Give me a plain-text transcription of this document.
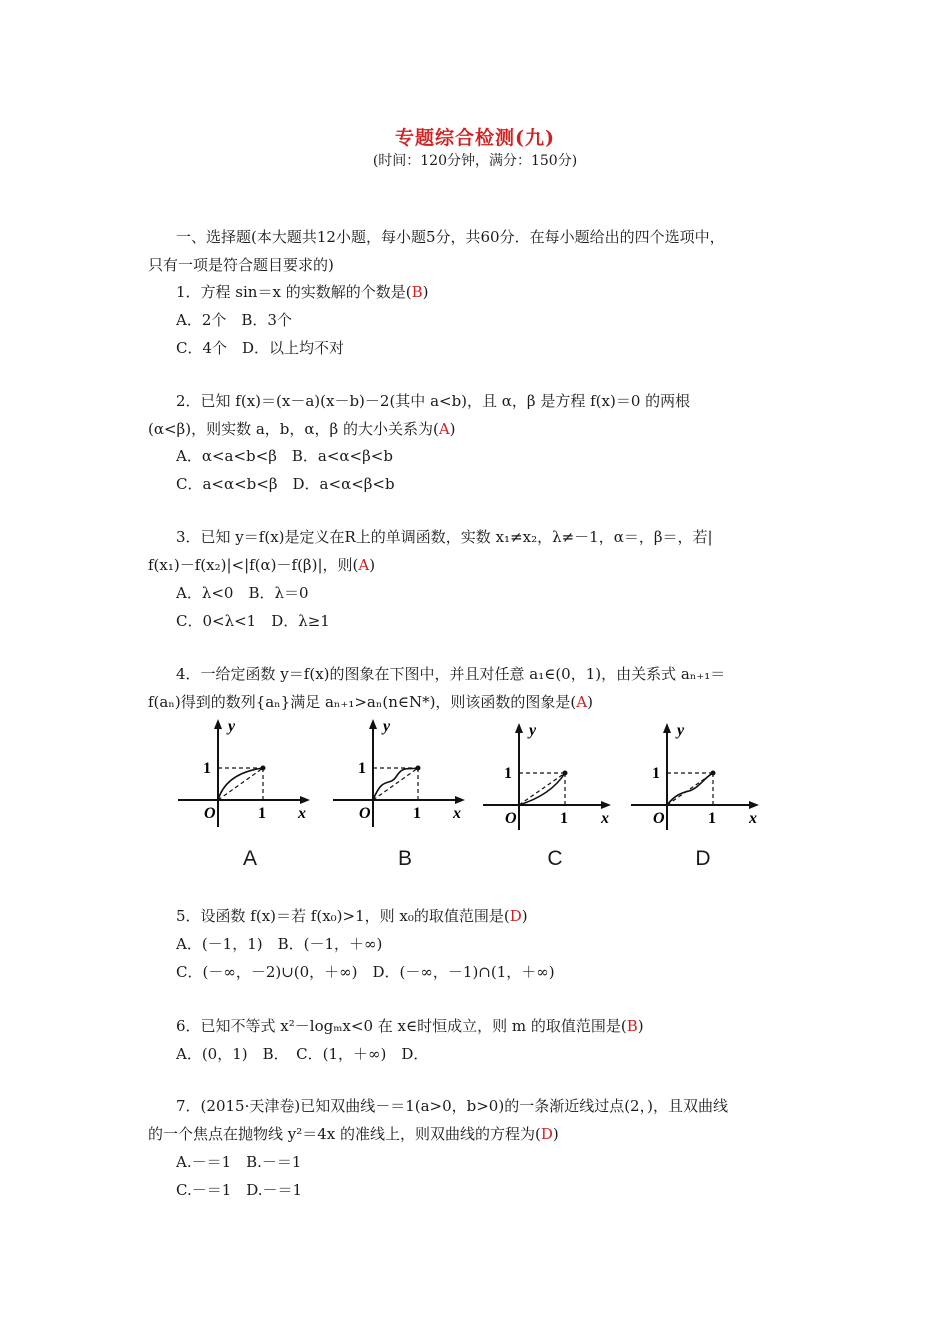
专题综合检测(九)
(时间：120分钟，满分：150分)
一、选择题(本大题共12小题，每小题5分，共60分．在每小题给出的四个选项中，
只有一项是符合题目要求的)
1．方程 sin＝x 的实数解的个数是(B)
A．2个　B．3个
C．4个　D．以上均不对
2．已知 f(x)＝(x－a)(x－b)－2(其中 a<b)，且 α，β 是方程 f(x)＝0 的两根
(α<β)，则实数 a，b，α，β 的大小关系为(A)
A．α<a<b<β　B．a<α<β<b
C．a<α<b<β　D．a<α<β<b
3．已知 y＝f(x)是定义在R上的单调函数，实数 x₁≠x₂，λ≠－1，α＝，β＝，若|
f(x₁)－f(x₂)|<|f(α)－f(β)|，则(A)
A．λ<0　B．λ＝0
C．0<λ<1　D．λ≥1
4．一给定函数 y＝f(x)的图象在下图中，并且对任意 a₁∈(0，1)，由关系式 aₙ₊₁＝
f(aₙ)得到的数列{aₙ}满足 aₙ₊₁>aₙ(n∈N*)，则该函数的图象是(A)
y
1
O	1 x
A
y
1
O	1 x
B
y
1
O	1 x
C
y
1
O	1 x
D
5．设函数 f(x)＝若 f(x₀)>1，则 x₀的取值范围是(D)
A．(－1，1)　B．(－1，＋∞)
C．(－∞，－2)∪(0，＋∞)　D．(－∞，－1)∩(1，＋∞)
6．已知不等式 x²－logₘx<0 在 x∈时恒成立，则 m 的取值范围是(B)
A．(0，1)　B．　C．(1，＋∞)　D．
7．(2015·天津卷)已知双曲线－＝1(a>0，b>0)的一条渐近线过点(2，)，且双曲线
的一个焦点在抛物线 y²＝4x 的准线上，则双曲线的方程为(D)
A.－＝1　B.－＝1
C.－＝1　D.－＝1
